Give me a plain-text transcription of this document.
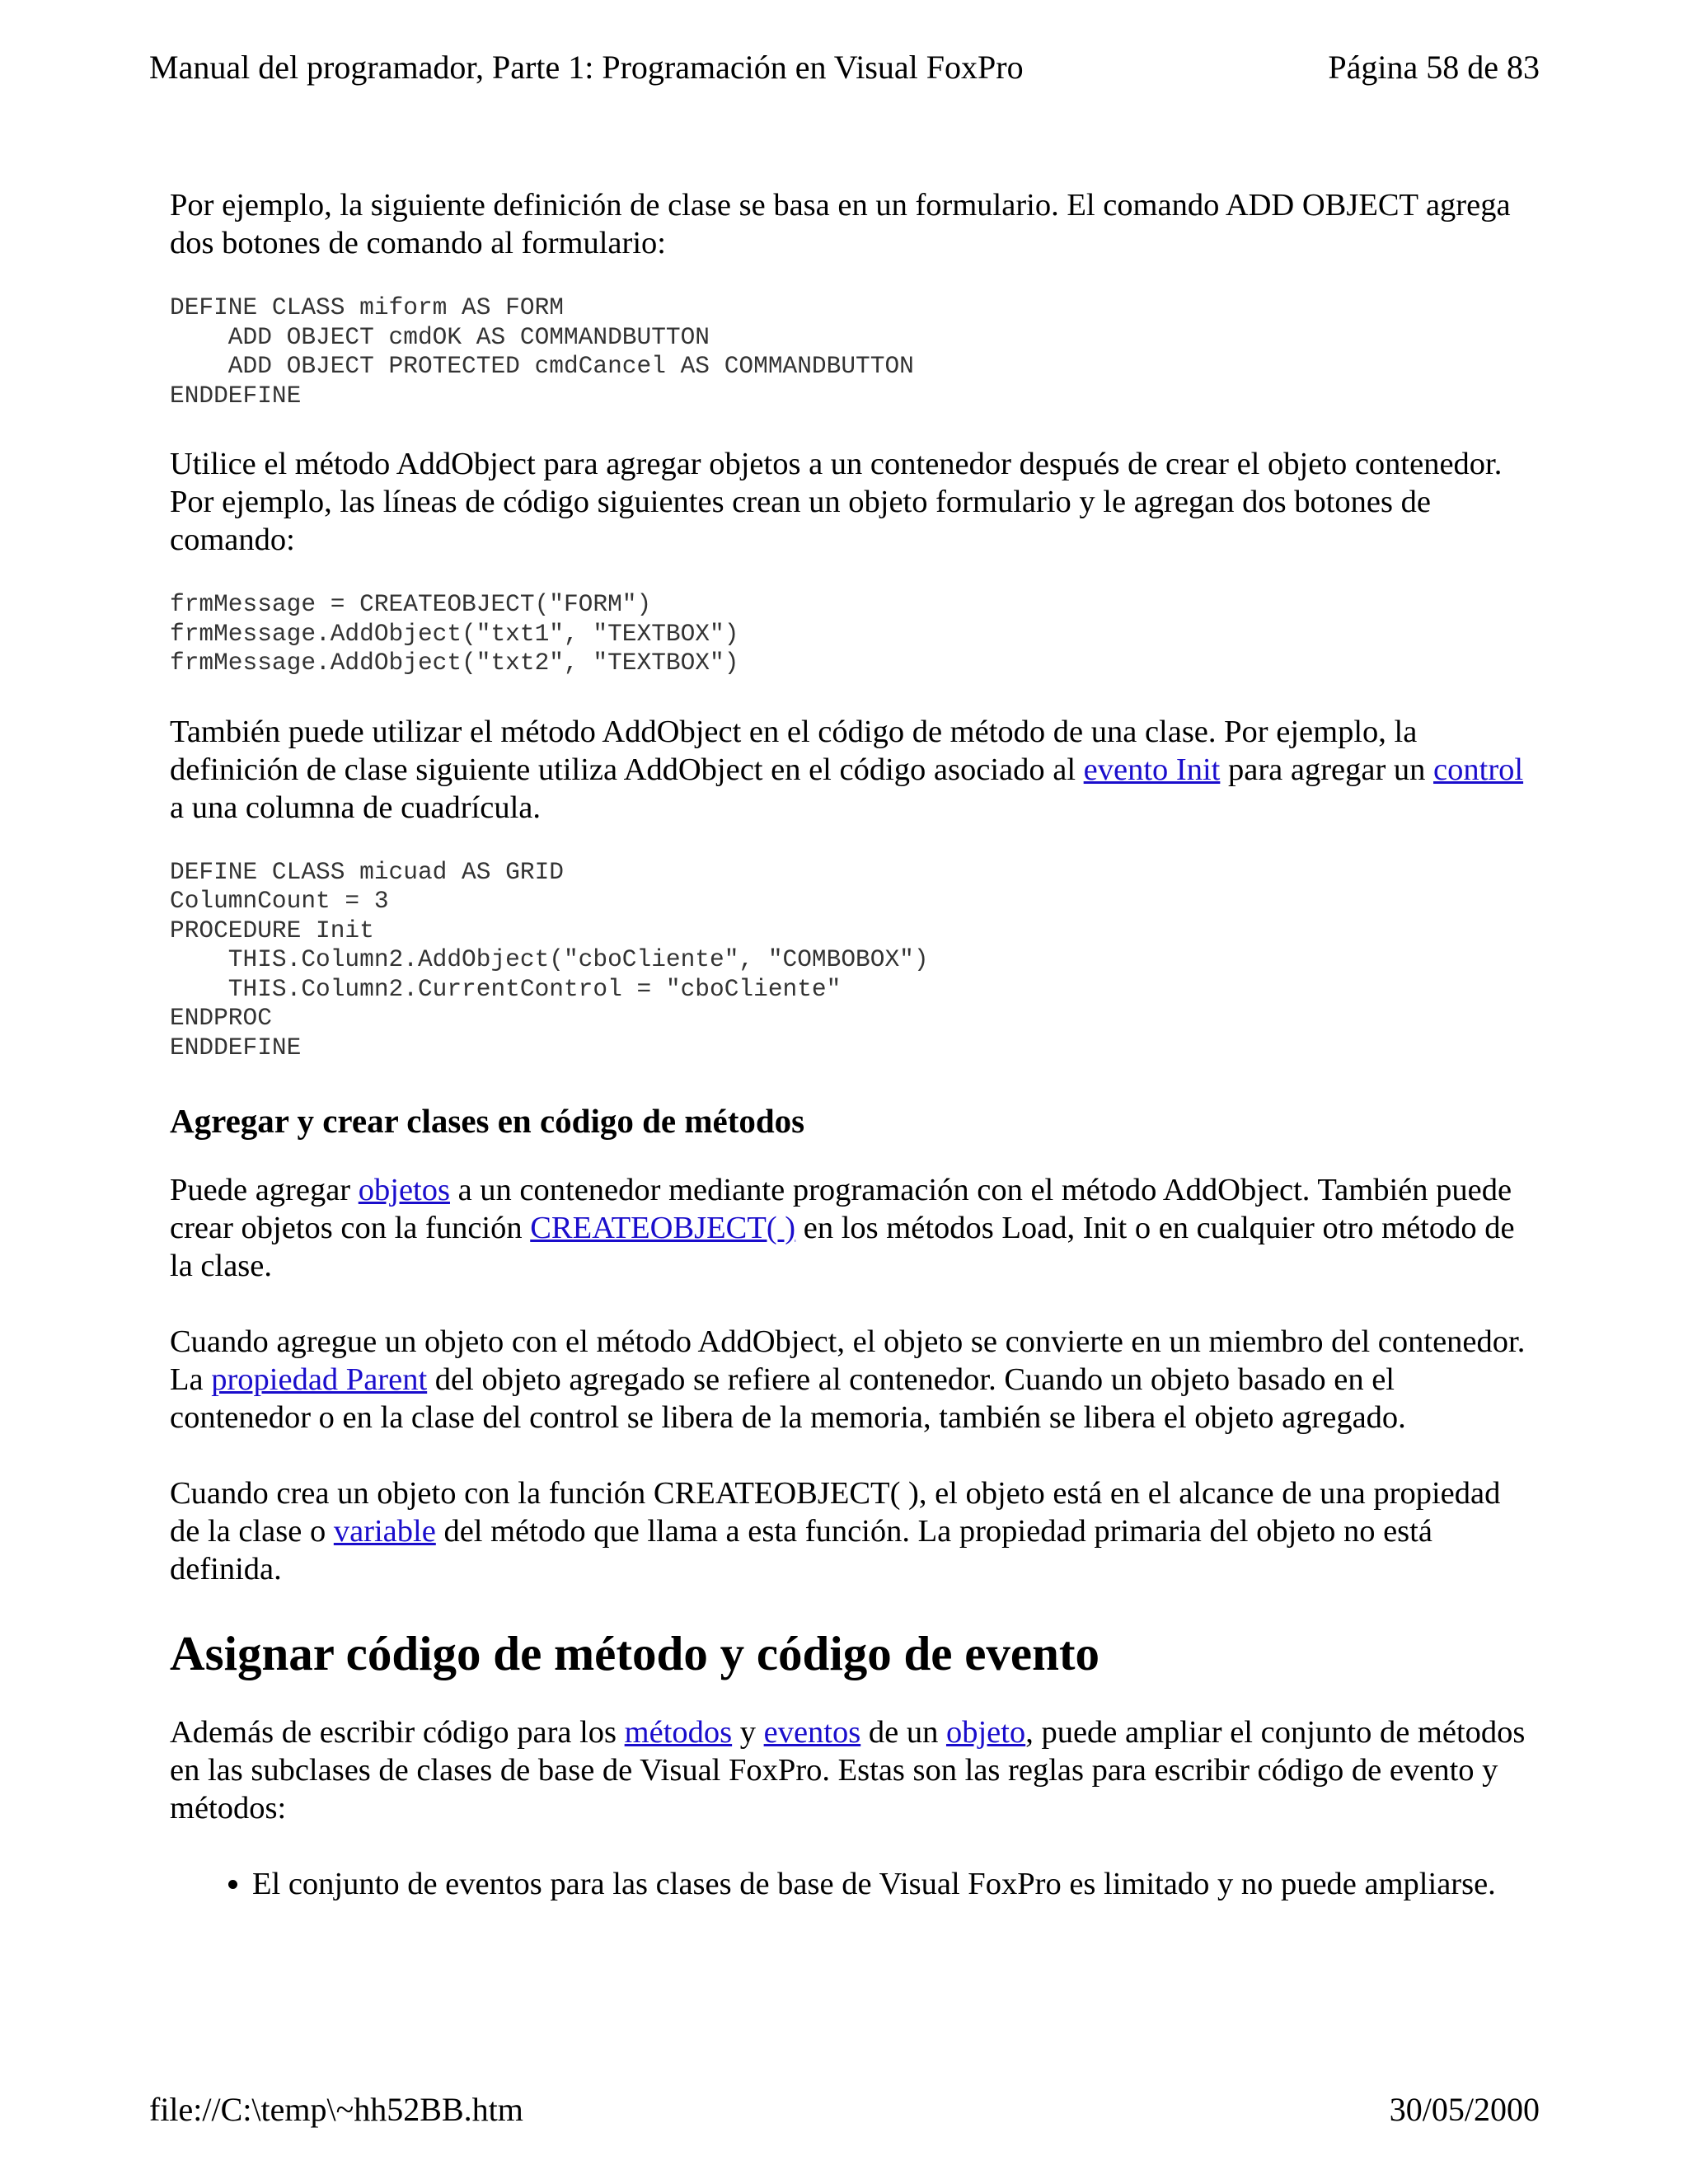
Manual del programador, Parte 1: Programación en Visual FoxPro	Página 58 de 83

Por ejemplo, la siguiente definición de clase se basa en un formulario. El comando ADD OBJECT agrega dos botones de comando al formulario:

DEFINE CLASS miform AS FORM
ADD OBJECT cmdOK AS COMMANDBUTTON
ADD OBJECT PROTECTED cmdCancel AS COMMANDBUTTON
ENDDEFINE

Utilice el método AddObject para agregar objetos a un contenedor después de crear el objeto contenedor. Por ejemplo, las líneas de código siguientes crean un objeto formulario y le agregan dos botones de comando:

frmMessage = CREATEOBJECT("FORM")
frmMessage.AddObject("txt1", "TEXTBOX")
frmMessage.AddObject("txt2", "TEXTBOX")

También puede utilizar el método AddObject en el código de método de una clase. Por ejemplo, la definición de clase siguiente utiliza AddObject en el código asociado al evento Init para agregar un control a una columna de cuadrícula.

DEFINE CLASS micuad AS GRID
ColumnCount = 3
PROCEDURE Init
THIS.Column2.AddObject("cboCliente", "COMBOBOX")
THIS.Column2.CurrentControl = "cboCliente"
ENDPROC
ENDDEFINE
Agregar y crear clases en código de métodos

Puede agregar objetos a un contenedor mediante programación con el método AddObject. También puede crear objetos con la función CREATEOBJECT( ) en los métodos Load, Init o en cualquier otro método de la clase.

Cuando agregue un objeto con el método AddObject, el objeto se convierte en un miembro del contenedor. La propiedad Parent del objeto agregado se refiere al contenedor. Cuando un objeto basado en el contenedor o en la clase del control se libera de la memoria, también se libera el objeto agregado.

Cuando crea un objeto con la función CREATEOBJECT( ), el objeto está en el alcance de una propiedad de la clase o variable del método que llama a esta función. La propiedad primaria del objeto no está definida.

Asignar código de método y código de evento

Además de escribir código para los métodos y eventos de un objeto, puede ampliar el conjunto de métodos en las subclases de clases de base de Visual FoxPro. Estas son las reglas para escribir código de evento y métodos:

• El conjunto de eventos para las clases de base de Visual FoxPro es limitado y no puede ampliarse.
file://C:\temp\~hh52BB.htm	30/05/2000
